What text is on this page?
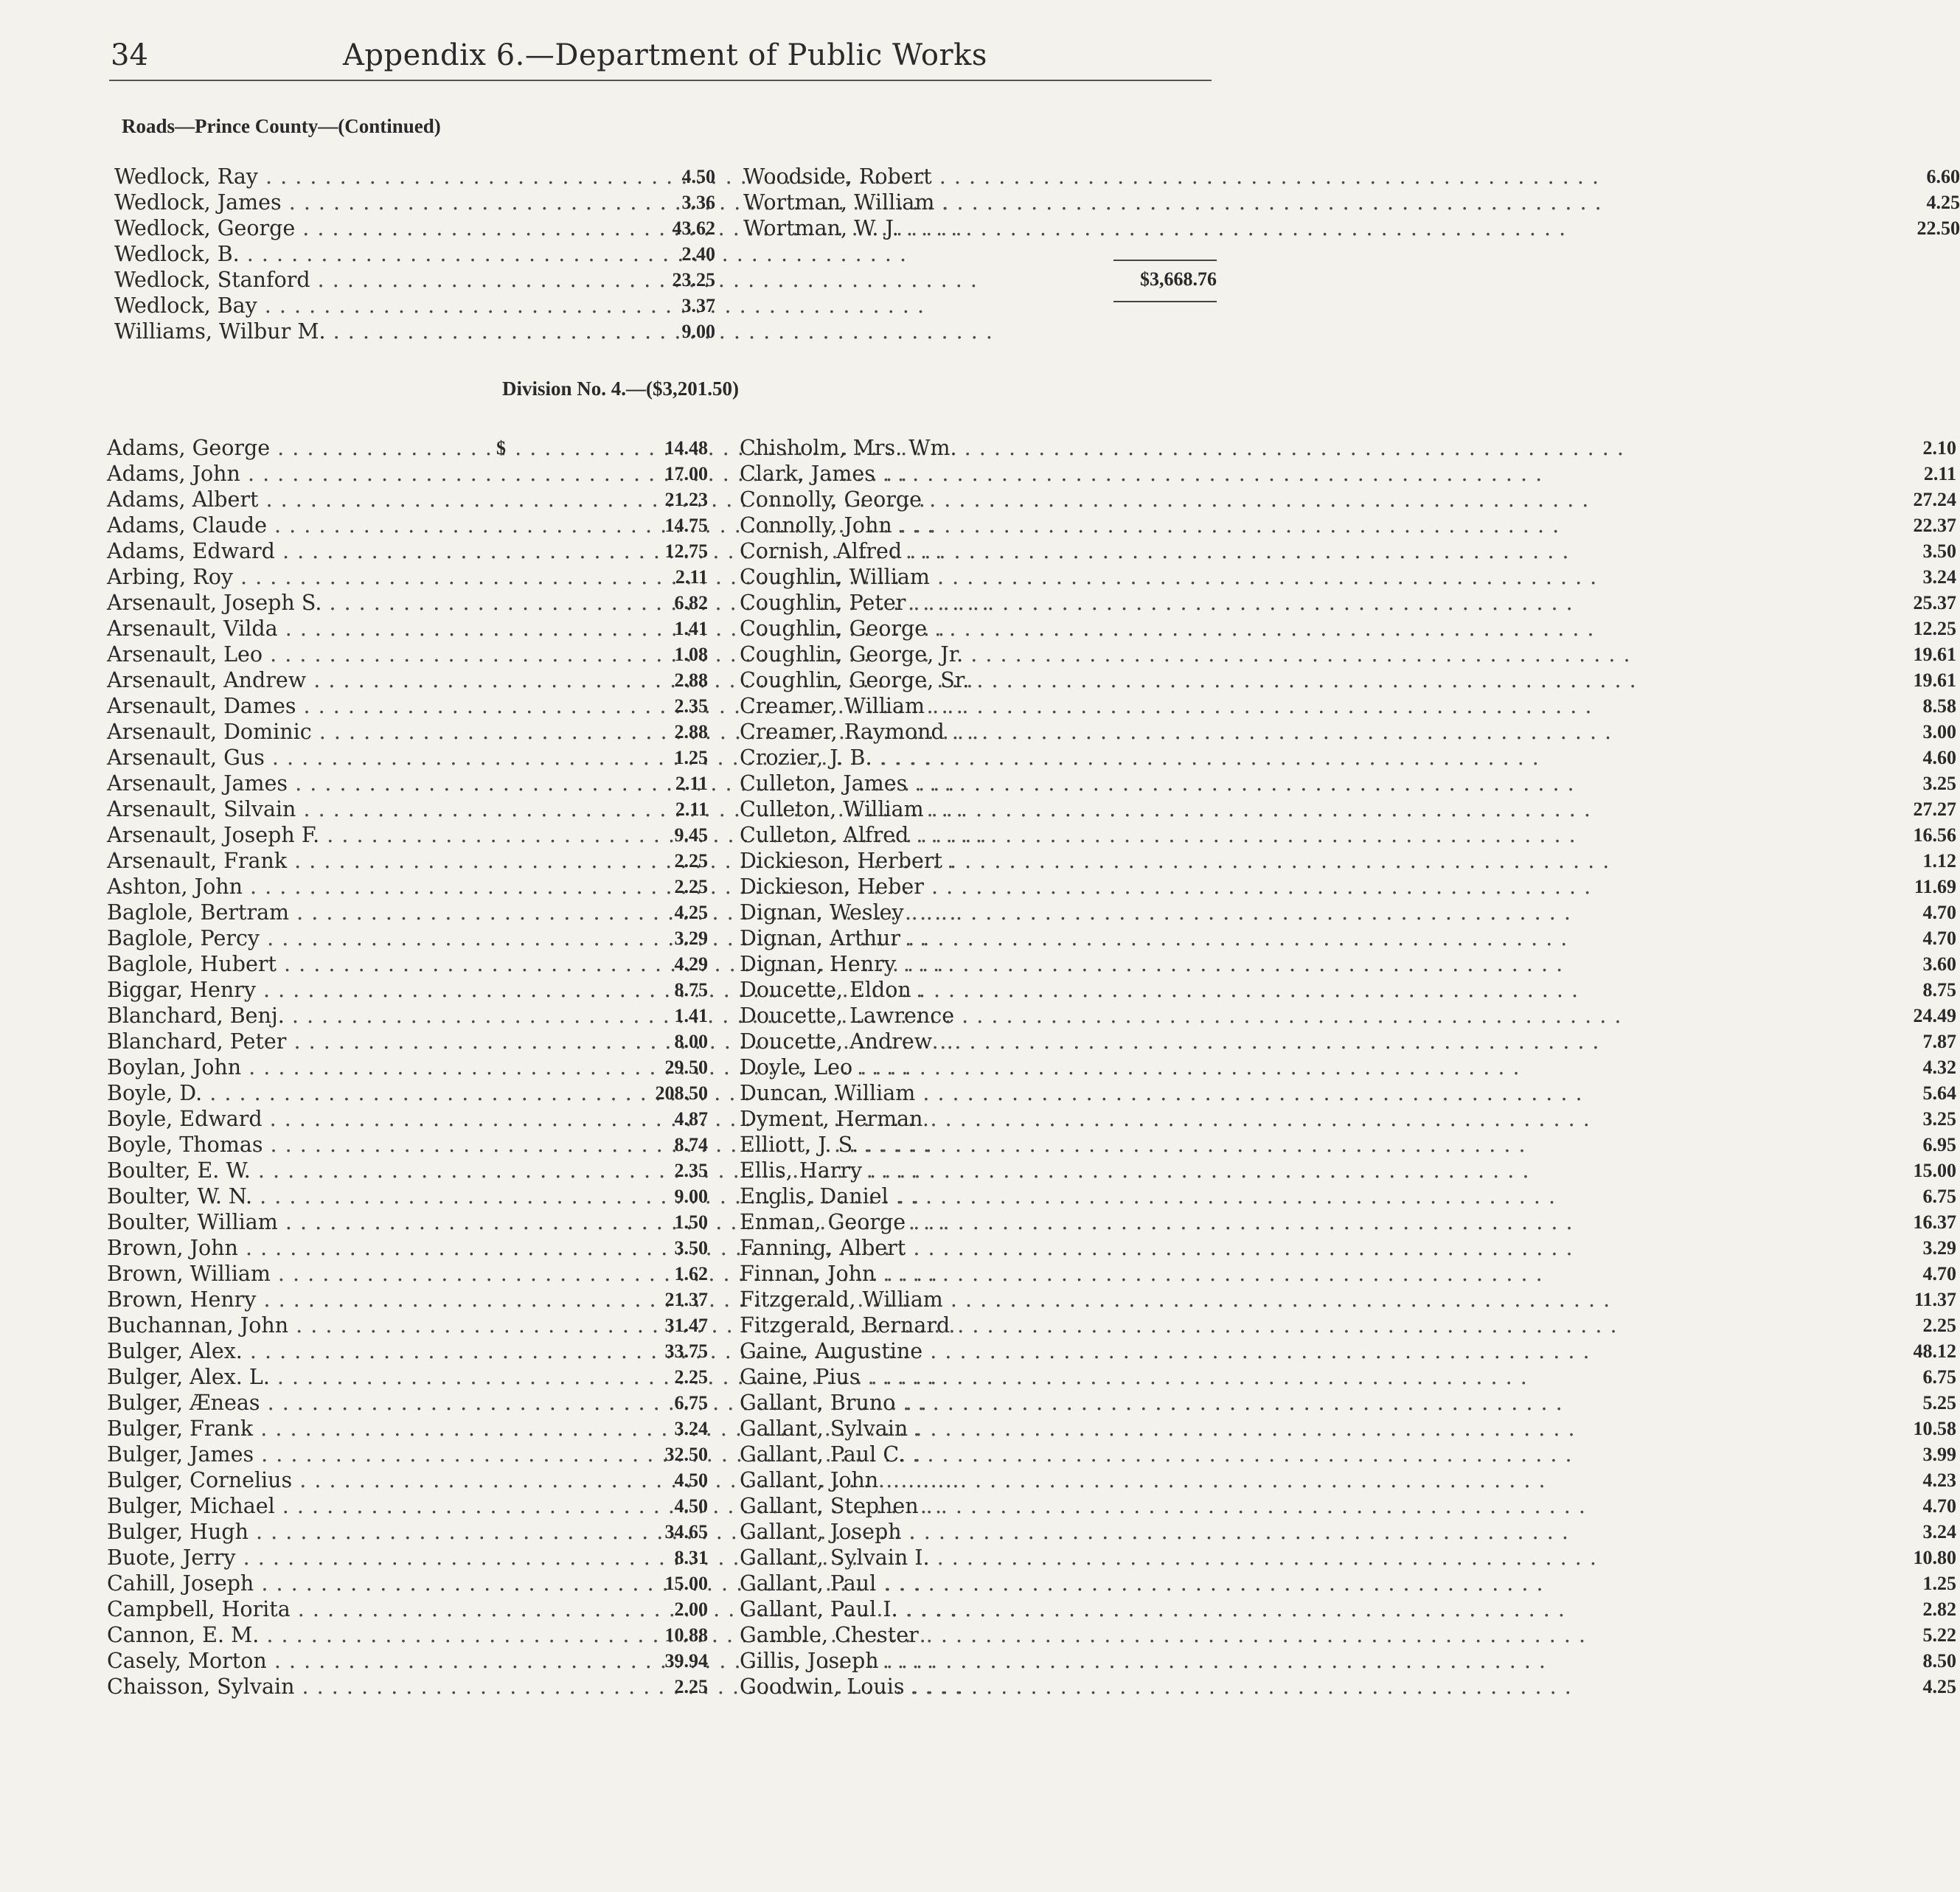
34	Appendix 6.—Department of Public Works
Roads—Prince County—(Continued)
Wedlock, Ray . . .	4.50
Wedlock, James . . .	3.36
Wedlock, George . . .	43.62
Wedlock, B. . . .	2.40
Wedlock, Stanford . . .	23.25
Wedlock, Bay . . .	3.37
Williams, Wilbur M. . . .	9.00
Woodside, Robert . . .	6.60
Wortman, William . . .	4.25
Wortman, W. J. . . .	22.50
$3,668.76
Division No. 4.—($3,201.50)
Adams, George . . .	14.48
$
Adams, John . . .	17.00
Adams, Albert . . .	21.23
Adams, Claude . . .	14.75
Adams, Edward . . .	12.75
Arbing, Roy . . .	2.11
Arsenault, Joseph S. . . .	6.82
Arsenault, Vilda . . .	1.41
Arsenault, Leo . . .	1.08
Arsenault, Andrew . . .	2.88
Arsenault, Dames . . .	2.35
Arsenault, Dominic . . .	2.88
Arsenault, Gus . . .	1.25
Arsenault, James . . .	2.11
Arsenault, Silvain . . .	2.11
Arsenault, Joseph F. . . .	9.45
Arsenault, Frank . . .	2.25
Ashton, John . . .	2.25
Baglole, Bertram . . .	4.25
Baglole, Percy . . .	3.29
Baglole, Hubert . . .	4.29
Biggar, Henry . . .	8.75
Blanchard, Benj. . . .	1.41
Blanchard, Peter . . .	8.00
Boylan, John . . .	29.50
Boyle, D. . . .	208.50
Boyle, Edward . . .	4.87
Boyle, Thomas . . .	8.74
Boulter, E. W. . . .	2.35
Boulter, W. N. . . .	9.00
Boulter, William . . .	1.50
Brown, John . . .	3.50
Brown, William . . .	1.62
Brown, Henry . . .	21.37
Buchannan, John . . .	31.47
Bulger, Alex. . . .	33.75
Bulger, Alex. L. . . .	2.25
Bulger, Æneas . . .	6.75
Bulger, Frank . . .	3.24
Bulger, James . . .	32.50
Bulger, Cornelius . . .	4.50
Bulger, Michael . . .	4.50
Bulger, Hugh . . .	34.65
Buote, Jerry . . .	8.31
Cahill, Joseph . . .	15.00
Campbell, Horita . . .	2.00
Cannon, E. M. . . .	10.88
Casely, Morton . . .	39.94
Chaisson, Sylvain . . .	2.25
Chisholm, Mrs. Wm. . . .	2.10
Clark, James . . .	2.11
Connolly, George . . .	27.24
Connolly, John . . .	22.37
Cornish, Alfred . . .	3.50
Coughlin, William . . .	3.24
Coughlin, Peter . . .	25.37
Coughlin, George . . .	12.25
Coughlin, George, Jr. . . .	19.61
Coughlin, George, Sr. . . .	19.61
Creamer, William . . .	8.58
Creamer, Raymond . . .	3.00
Crozier, J. B. . . .	4.60
Culleton, James . . .	3.25
Culleton, William . . .	27.27
Culleton, Alfred . . .	16.56
Dickieson, Herbert . . .	1.12
Dickieson, Heber . . .	11.69
Dignan, Wesley . . .	4.70
Dignan, Arthur . . .	4.70
Dignan, Henry . . .	3.60
Doucette, Eldon . . .	8.75
Doucette, Lawrence . . .	24.49
Doucette, Andrew . . .	7.87
Doyle, Leo . . .	4.32
Duncan, William . . .	5.64
Dyment, Herman . . .	3.25
Elliott, J. S. . . .	6.95
Ellis, Harry . . .	15.00
Englis, Daniel . . .	6.75
Enman, George . . .	16.37
Fanning, Albert . . .	3.29
Finnan, John . . .	4.70
Fitzgerald, William . . .	11.37
Fitzgerald, Bernard . . .	2.25
Gaine, Augustine . . .	48.12
Gaine, Pius . . .	6.75
Gallant, Bruno . . .	5.25
Gallant, Sylvain . . .	10.58
Gallant, Paul C. . . .	3.99
Gallant, John . . .	4.23
Gallant, Stephen . . .	4.70
Gallant, Joseph . . .	3.24
Gallant, Sylvain I. . . .	10.80
Gallant, Paul . . .	1.25
Gallant, Paul I. . . .	2.82
Gamble, Chester . . .	5.22
Gillis, Joseph . . .	8.50
Goodwin, Louis . . .	4.25
